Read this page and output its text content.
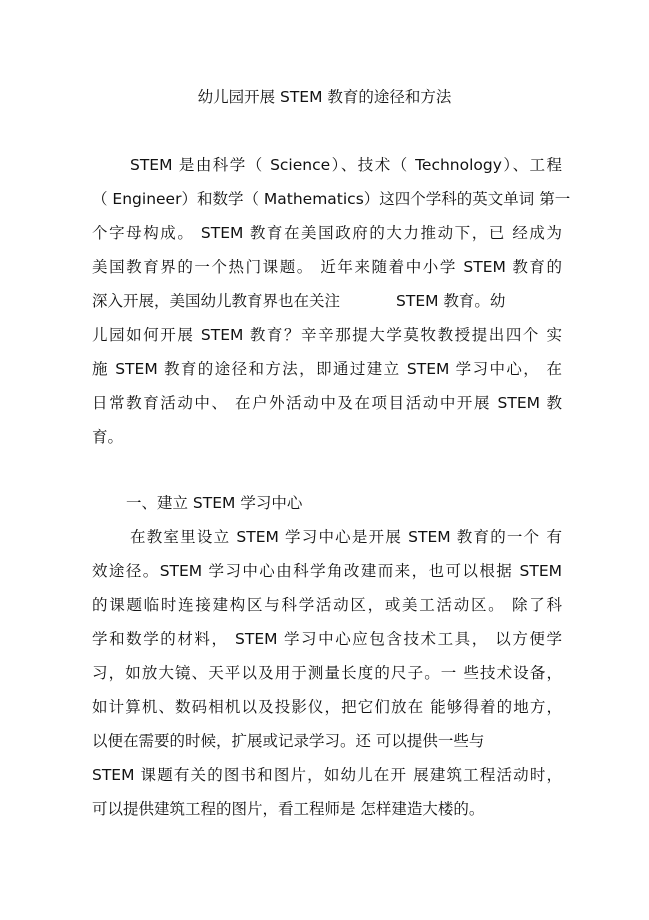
幼儿园开展 STEM 教育的途径和方法
STEM 是由科学（ Science）、技术（ Technology）、工程
（ Engineer）和数学（ Mathematics）这四个学科的英文单词 第一
个字母构成。 STEM 教育在美国政府的大力推动下，已 经成为
美国教育界的一个热门课题。 近年来随着中小学 STEM 教育的
深入开展，美国幼儿教育界也在关注	STEM 教育。幼
儿园如何开展 STEM 教育？辛辛那提大学莫牧教授提出四个 实
施 STEM 教育的途径和方法，即通过建立 STEM 学习中心， 在
日常教育活动中、 在户外活动中及在项目活动中开展 STEM 教
育。
一、建立 STEM 学习中心
在教室里设立 STEM 学习中心是开展 STEM 教育的一个 有
效途径。STEM 学习中心由科学角改建而来，也可以根据 STEM
的课题临时连接建构区与科学活动区，或美工活动区。 除了科
学和数学的材料， STEM 学习中心应包含技术工具， 以方便学
习，如放大镜、天平以及用于测量长度的尺子。一 些技术设备，
如计算机、数码相机以及投影仪，把它们放在 能够得着的地方，
以便在需要的时候，扩展或记录学习。还 可以提供一些与
STEM 课题有关的图书和图片，如幼儿在开 展建筑工程活动时，
可以提供建筑工程的图片，看工程师是 怎样建造大楼的。
